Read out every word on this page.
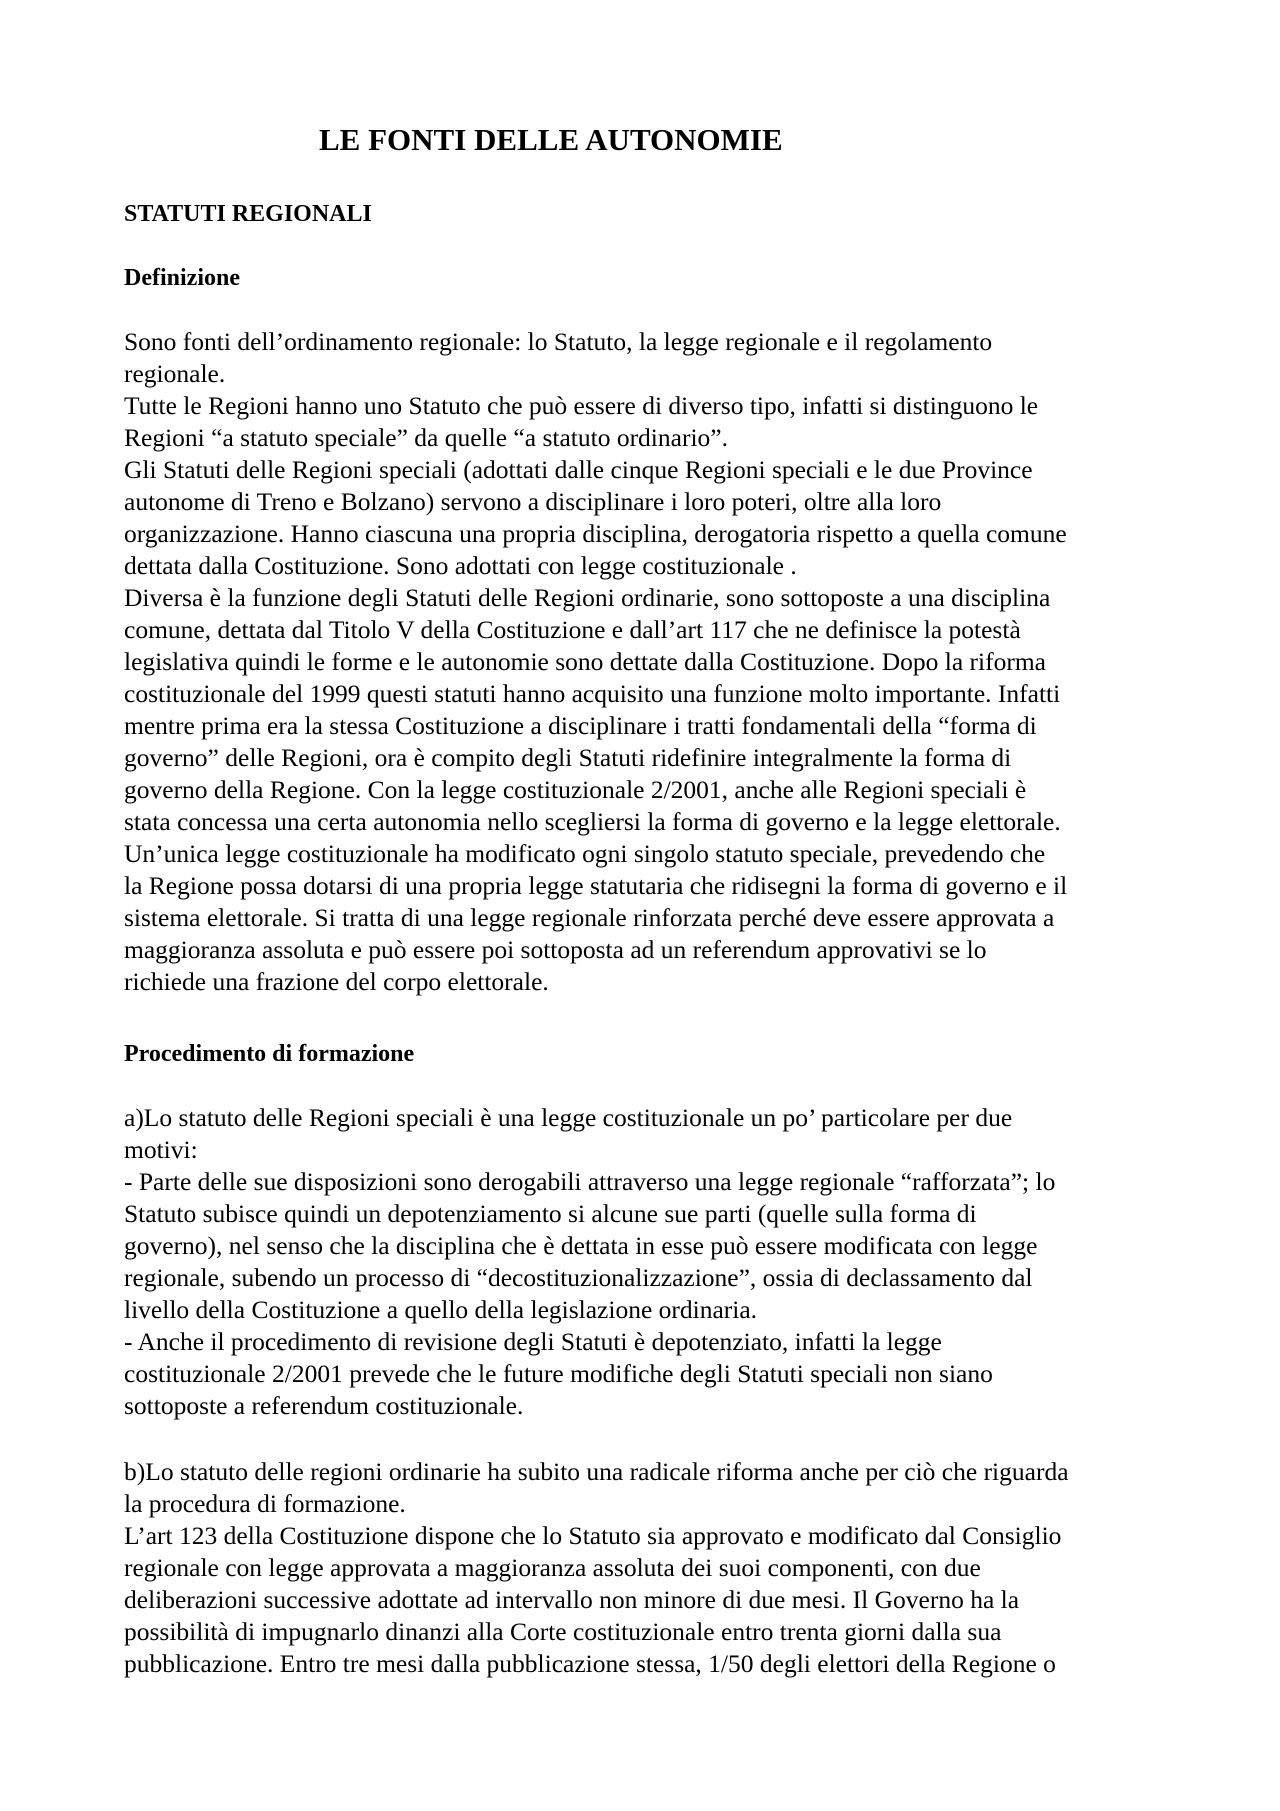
LE FONTI DELLE AUTONOMIE
STATUTI REGIONALI
Definizione
Sono fonti dell’ordinamento regionale: lo Statuto, la legge regionale e il regolamento
regionale.
Tutte le Regioni hanno uno Statuto che può essere di diverso tipo, infatti si distinguono le
Regioni “a statuto speciale” da quelle “a statuto ordinario”.
Gli Statuti delle Regioni speciali (adottati dalle cinque Regioni speciali e le due Province
autonome di Treno e Bolzano) servono a disciplinare i loro poteri, oltre alla loro
organizzazione. Hanno ciascuna una propria disciplina, derogatoria rispetto a quella comune
dettata dalla Costituzione. Sono adottati con legge costituzionale .
Diversa è la funzione degli Statuti delle Regioni ordinarie, sono sottoposte a una disciplina
comune, dettata dal Titolo V della Costituzione e dall’art 117 che ne definisce la potestà
legislativa quindi le forme e le autonomie sono dettate dalla Costituzione. Dopo la riforma
costituzionale del 1999 questi statuti hanno acquisito una funzione molto importante. Infatti
mentre prima era la stessa Costituzione a disciplinare i tratti fondamentali della “forma di
governo” delle Regioni, ora è compito degli Statuti ridefinire integralmente la forma di
governo della Regione. Con la legge costituzionale 2/2001, anche alle Regioni speciali è
stata concessa una certa autonomia nello scegliersi la forma di governo e la legge elettorale.
Un’unica legge costituzionale ha modificato ogni singolo statuto speciale, prevedendo che
la Regione possa dotarsi di una propria legge statutaria che ridisegni la forma di governo e il
sistema elettorale. Si tratta di una legge regionale rinforzata perché deve essere approvata a
maggioranza assoluta e può essere poi sottoposta ad un referendum approvativi se lo
richiede una frazione del corpo elettorale.
Procedimento di formazione
a)Lo statuto delle Regioni speciali è una legge costituzionale un po’ particolare per due
motivi:
- Parte delle sue disposizioni sono derogabili attraverso una legge regionale “rafforzata”; lo
Statuto subisce quindi un depotenziamento si alcune sue parti (quelle sulla forma di
governo), nel senso che la disciplina che è dettata in esse può essere modificata con legge
regionale, subendo un processo di “decostituzionalizzazione”, ossia di declassamento dal
livello della Costituzione a quello della legislazione ordinaria.
- Anche il procedimento di revisione degli Statuti è depotenziato, infatti la legge
costituzionale 2/2001 prevede che le future modifiche degli Statuti speciali non siano
sottoposte a referendum costituzionale.
b)Lo statuto delle regioni ordinarie ha subito una radicale riforma anche per ciò che riguarda
la procedura di formazione.
L’art 123 della Costituzione dispone che lo Statuto sia approvato e modificato dal Consiglio
regionale con legge approvata a maggioranza assoluta dei suoi componenti, con due
deliberazioni successive adottate ad intervallo non minore di due mesi. Il Governo ha la
possibilità di impugnarlo dinanzi alla Corte costituzionale entro trenta giorni dalla sua
pubblicazione. Entro tre mesi dalla pubblicazione stessa, 1/50 degli elettori della Regione o
